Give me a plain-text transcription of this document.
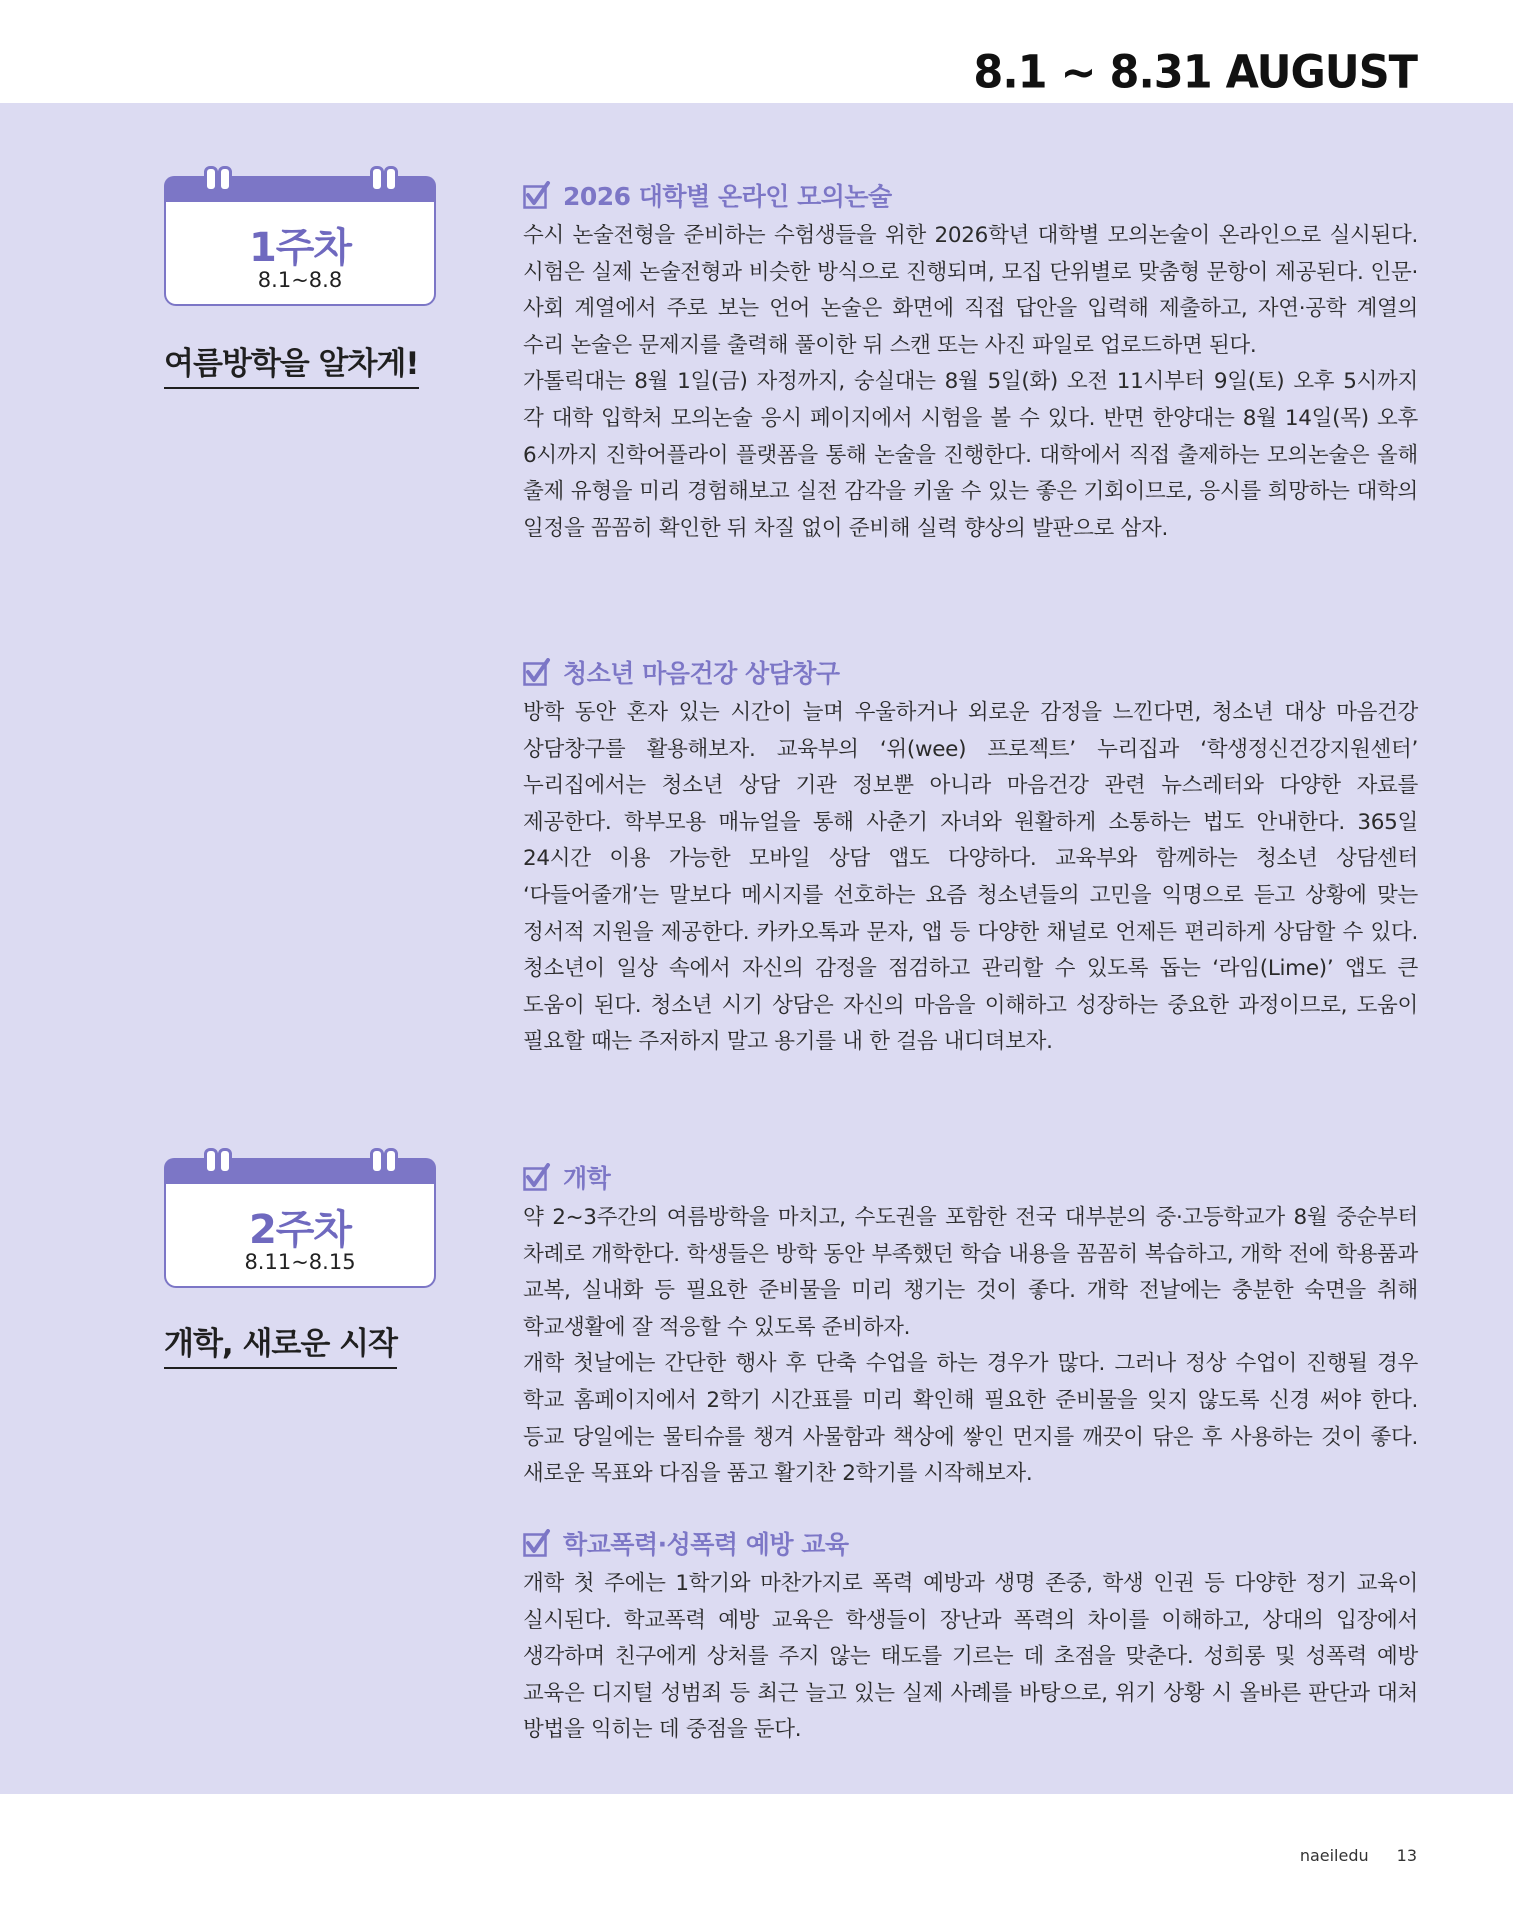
8.1 ~ 8.31 AUGUST
1주차
8.1~8.8
여름방학을 알차게!
2026 대학별 온라인 모의논술

수시 논술전형을 준비하는 수험생들을 위한 2026학년 대학별 모의논술이 온라인으로 실시된다. 시험은 실제 논술전형과 비슷한 방식으로 진행되며, 모집 단위별로 맞춤형 문항이 제공된다. 인문·사회 계열에서 주로 보는 언어 논술은 화면에 직접 답안을 입력해 제출하고, 자연·공학 계열의 수리 논술은 문제지를 출력해 풀이한 뒤 스캔 또는 사진 파일로 업로드하면 된다.

가톨릭대는 8월 1일(금) 자정까지, 숭실대는 8월 5일(화) 오전 11시부터 9일(토) 오후 5시까지 각 대학 입학처 모의논술 응시 페이지에서 시험을 볼 수 있다. 반면 한양대는 8월 14일(목) 오후 6시까지 진학어플라이 플랫폼을 통해 논술을 진행한다. 대학에서 직접 출제하는 모의논술은 올해 출제 유형을 미리 경험해보고 실전 감각을 키울 수 있는 좋은 기회이므로, 응시를 희망하는 대학의 일정을 꼼꼼히 확인한 뒤 차질 없이 준비해 실력 향상의 발판으로 삼자.

청소년 마음건강 상담창구

방학 동안 혼자 있는 시간이 늘며 우울하거나 외로운 감정을 느낀다면, 청소년 대상 마음건강 상담창구를 활용해보자. 교육부의 ‘위(wee) 프로젝트’ 누리집과 ‘학생정신건강지원센터’ 누리집에서는 청소년 상담 기관 정보뿐 아니라 마음건강 관련 뉴스레터와 다양한 자료를 제공한다. 학부모용 매뉴얼을 통해 사춘기 자녀와 원활하게 소통하는 법도 안내한다. 365일 24시간 이용 가능한 모바일 상담 앱도 다양하다. 교육부와 함께하는 청소년 상담센터 ‘다들어줄개’는 말보다 메시지를 선호하는 요즘 청소년들의 고민을 익명으로 듣고 상황에 맞는 정서적 지원을 제공한다. 카카오톡과 문자, 앱 등 다양한 채널로 언제든 편리하게 상담할 수 있다. 청소년이 일상 속에서 자신의 감정을 점검하고 관리할 수 있도록 돕는 ‘라임(Lime)’ 앱도 큰 도움이 된다. 청소년 시기 상담은 자신의 마음을 이해하고 성장하는 중요한 과정이므로, 도움이 필요할 때는 주저하지 말고 용기를 내 한 걸음 내디뎌보자.

2주차
8.11~8.15
개학, 새로운 시작
개학

약 2~3주간의 여름방학을 마치고, 수도권을 포함한 전국 대부분의 중·고등학교가 8월 중순부터 차례로 개학한다. 학생들은 방학 동안 부족했던 학습 내용을 꼼꼼히 복습하고, 개학 전에 학용품과 교복, 실내화 등 필요한 준비물을 미리 챙기는 것이 좋다. 개학 전날에는 충분한 숙면을 취해 학교생활에 잘 적응할 수 있도록 준비하자.

개학 첫날에는 간단한 행사 후 단축 수업을 하는 경우가 많다. 그러나 정상 수업이 진행될 경우 학교 홈페이지에서 2학기 시간표를 미리 확인해 필요한 준비물을 잊지 않도록 신경 써야 한다. 등교 당일에는 물티슈를 챙겨 사물함과 책상에 쌓인 먼지를 깨끗이 닦은 후 사용하는 것이 좋다. 새로운 목표와 다짐을 품고 활기찬 2학기를 시작해보자.

학교폭력·성폭력 예방 교육

개학 첫 주에는 1학기와 마찬가지로 폭력 예방과 생명 존중, 학생 인권 등 다양한 정기 교육이 실시된다. 학교폭력 예방 교육은 학생들이 장난과 폭력의 차이를 이해하고, 상대의 입장에서 생각하며 친구에게 상처를 주지 않는 태도를 기르는 데 초점을 맞춘다. 성희롱 및 성폭력 예방 교육은 디지털 성범죄 등 최근 늘고 있는 실제 사례를 바탕으로, 위기 상황 시 올바른 판단과 대처 방법을 익히는 데 중점을 둔다.

naeiledu 13
